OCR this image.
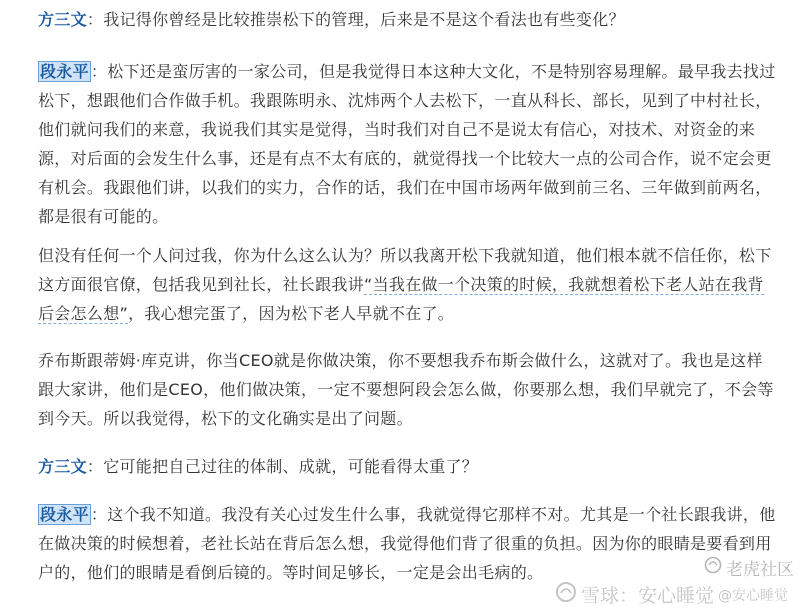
方三文：我记得你曾经是比较推崇松下的管理，后来是不是这个看法也有些变化？

段永平 ：松下还是蛮厉害的一家公司，但是我觉得日本这种大文化，不是特别容易理解。最早我去找过松下，想跟他们合作做手机。我跟陈明永、沈炜两个人去松下，一直从科长、部长，见到了中村社长，他们就问我们的来意，我说我们其实是觉得，当时我们对自己不是说太有信心，对技术、对资金的来源，对后面的会发生什么事，还是有点不太有底的，就觉得找一个比较大一点的公司合作，说不定会更有机会。我跟他们讲，以我们的实力，合作的话，我们在中国市场两年做到前三名、三年做到前两名，都是很有可能的。

但没有任何一个人问过我，你为什么这么认为？所以我离开松下我就知道，他们根本就不信任你，松下这方面很官僚，包括我见到社长，社长跟我讲“当我在做一个决策的时候，我就想着松下老人站在我背后会怎么想”，我心想完蛋了，因为松下老人早就不在了。

乔布斯跟蒂姆·库克讲，你当CEO就是你做决策，你不要想我乔布斯会做什么，这就对了。我也是这样跟大家讲，他们是CEO，他们做决策，一定不要想阿段会怎么做，你要那么想，我们早就完了，不会等到今天。所以我觉得，松下的文化确实是出了问题。

方三文：它可能把自己过往的体制、成就，可能看得太重了？

段永平 ：这个我不知道。我没有关心过发生什么事，我就觉得它那样不对。尤其是一个社长跟我讲，他在做决策的时候想着，老社长站在背后怎么想，我觉得他们背了很重的负担。因为你的眼睛是要看到用户的，他们的眼睛是看倒后镜的。等时间足够长，一定是会出毛病的。	老虎社区
雪球：安心睡觉 @安心睡觉
